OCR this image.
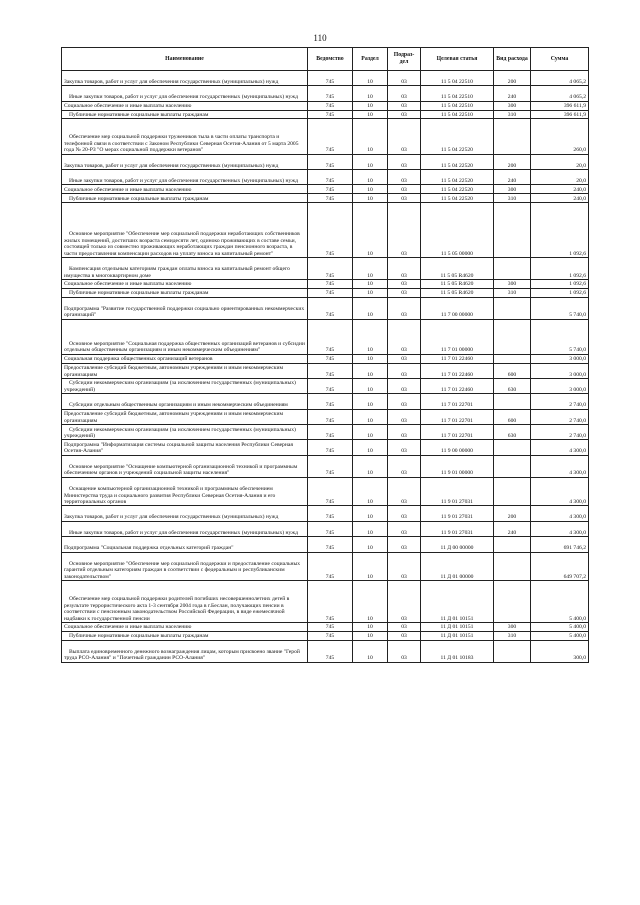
110
Наименование	Ведомство	Раздел	Подраз-дел	Целевая статья	Вид расхода	Сумма
Закупка товаров, работ и услуг для обеспечения государственных (муниципальных) нужд	745	10	03	11 5 04 22510	200	4 065,2
Иные закупки товаров, работ и услуг для обеспечения государственных (муниципальных) нужд	745	10	03	11 5 04 22510	240	4 065,2
Социальное обеспечение и иные выплаты населению	745	10	03	11 5 04 22510	300	396 611,9
Публичные нормативные социальные выплаты гражданам	745	10	03	11 5 04 22510	310	396 611,9
Обеспечение мер социальной поддержки тружеников тыла в части оплаты транспорта и телефонной связи в соответствии с Законом Республики Северная Осетия-Алания от 5 марта 2005 года № 20-РЗ "О мерах социальной поддержки ветеранов"	745	10	03	11 5 04 22520		260,0
Закупка товаров, работ и услуг для обеспечения государственных (муниципальных) нужд	745	10	03	11 5 04 22520	200	20,0
Иные закупки товаров, работ и услуг для обеспечения государственных (муниципальных) нужд	745	10	03	11 5 04 22520	240	20,0
Социальное обеспечение и иные выплаты населению	745	10	03	11 5 04 22520	300	240,0
Публичные нормативные социальные выплаты гражданам	745	10	03	11 5 04 22520	310	240,0
Основное мероприятие "Обеспечение мер социальной поддержки неработающих собственников жилых помещений, достигших возраста семидесяти лет, одиноко проживающих в составе семьи, состоящей только из совместно проживающих неработающих граждан пенсионного возраста, в части предоставления компенсации расходов на уплату взноса на капитальный ремонт"	745	10	03	11 5 05 00000		1 092,6
Компенсация отдельным категориям граждан оплаты взноса на капитальный ремонт общего имущества в многоквартирном доме	745	10	03	11 5 05 R4620		1 092,6
Социальное обеспечение и иные выплаты населению	745	10	03	11 5 05 R4620	300	1 092,6
Публичные нормативные социальные выплаты гражданам	745	10	03	11 5 05 R4620	310	1 092,6
Подпрограмма "Развитие государственной поддержки социально ориентированных некоммерческих организаций"	745	10	03	11 7 00 00000		5 740,0
Основное мероприятие "Социальная поддержка общественных организаций ветеранов и субсидии отдельным общественным организациям и иным некоммерческим объединениям"	745	10	03	11 7 01 00000		5 740,0
Социальная поддержка общественных организаций ветеранов	745	10	03	11 7 01 22460		3 000,0
Предоставление субсидий бюджетным, автономным учреждениям и иным некоммерческим организациям	745	10	03	11 7 01 22460	600	3 000,0
Субсидии некоммерческим организациям (за исключением государственных (муниципальных) учреждений)	745	10	03	11 7 01 22460	630	3 000,0
Субсидии отдельным общественным организациям и иным некоммерческим объединениям	745	10	03	11 7 01 22701		2 740,0
Предоставление субсидий бюджетным, автономным учреждениям и иным некоммерческим организациям	745	10	03	11 7 01 22701	600	2 740,0
Субсидии некоммерческим организациям (за исключением государственных (муниципальных) учреждений)	745	10	03	11 7 01 22701	630	2 740,0
Подпрограмма "Информатизация системы социальной защиты населения Республики Северная Осетия-Алания"	745	10	03	11 9 00 00000		4 300,0
Основное мероприятие "Оснащение компьютерной организационной техникой и программным обеспечением органов и учреждений социальной защиты населения"	745	10	03	11 9 01 00000		4 300,0
Оснащение компьютерной организационной техникой и программным обеспечением Министерства труда и социального развития Республики Северная Осетия-Алания и его территориальных органов	745	10	03	11 9 01 27031		4 300,0
Закупка товаров, работ и услуг для обеспечения государственных (муниципальных) нужд	745	10	03	11 9 01 27031	200	4 300,0
Иные закупки товаров, работ и услуг для обеспечения государственных (муниципальных) нужд	745	10	03	11 9 01 27031	240	4 300,0
Подпрограмма "Социальная поддержка отдельных категорий граждан"	745	10	03	11 Д 00 00000		691 746,2
Основное мероприятие "Обеспечение мер социальной поддержки и предоставление социальных гарантий отдельным категориям граждан в соответствии с федеральным и республиканским законодательством"	745	10	03	11 Д 01 00000		649 707,2
Обеспечение мер социальной поддержки родителей погибших несовершеннолетних детей в результате террористического акта 1-3 сентября 2004 года в г.Беслан, получающих пенсии в соответствии с пенсионным законодательством Российской Федерации, в виде ежемесячной надбавки к государственной пенсии	745	10	03	11 Д 01 10151		5 400,0
Социальное обеспечение и иные выплаты населению	745	10	03	11 Д 01 10151	300	5 400,0
Публичные нормативные социальные выплаты гражданам	745	10	03	11 Д 01 10151	310	5 400,0
Выплата единовременного денежного вознаграждения лицам, которым присвоено звание "Герой труда РСО-Алания" и "Почетный гражданин РСО-Алания"	745	10	03	11 Д 01 10183		300,0
